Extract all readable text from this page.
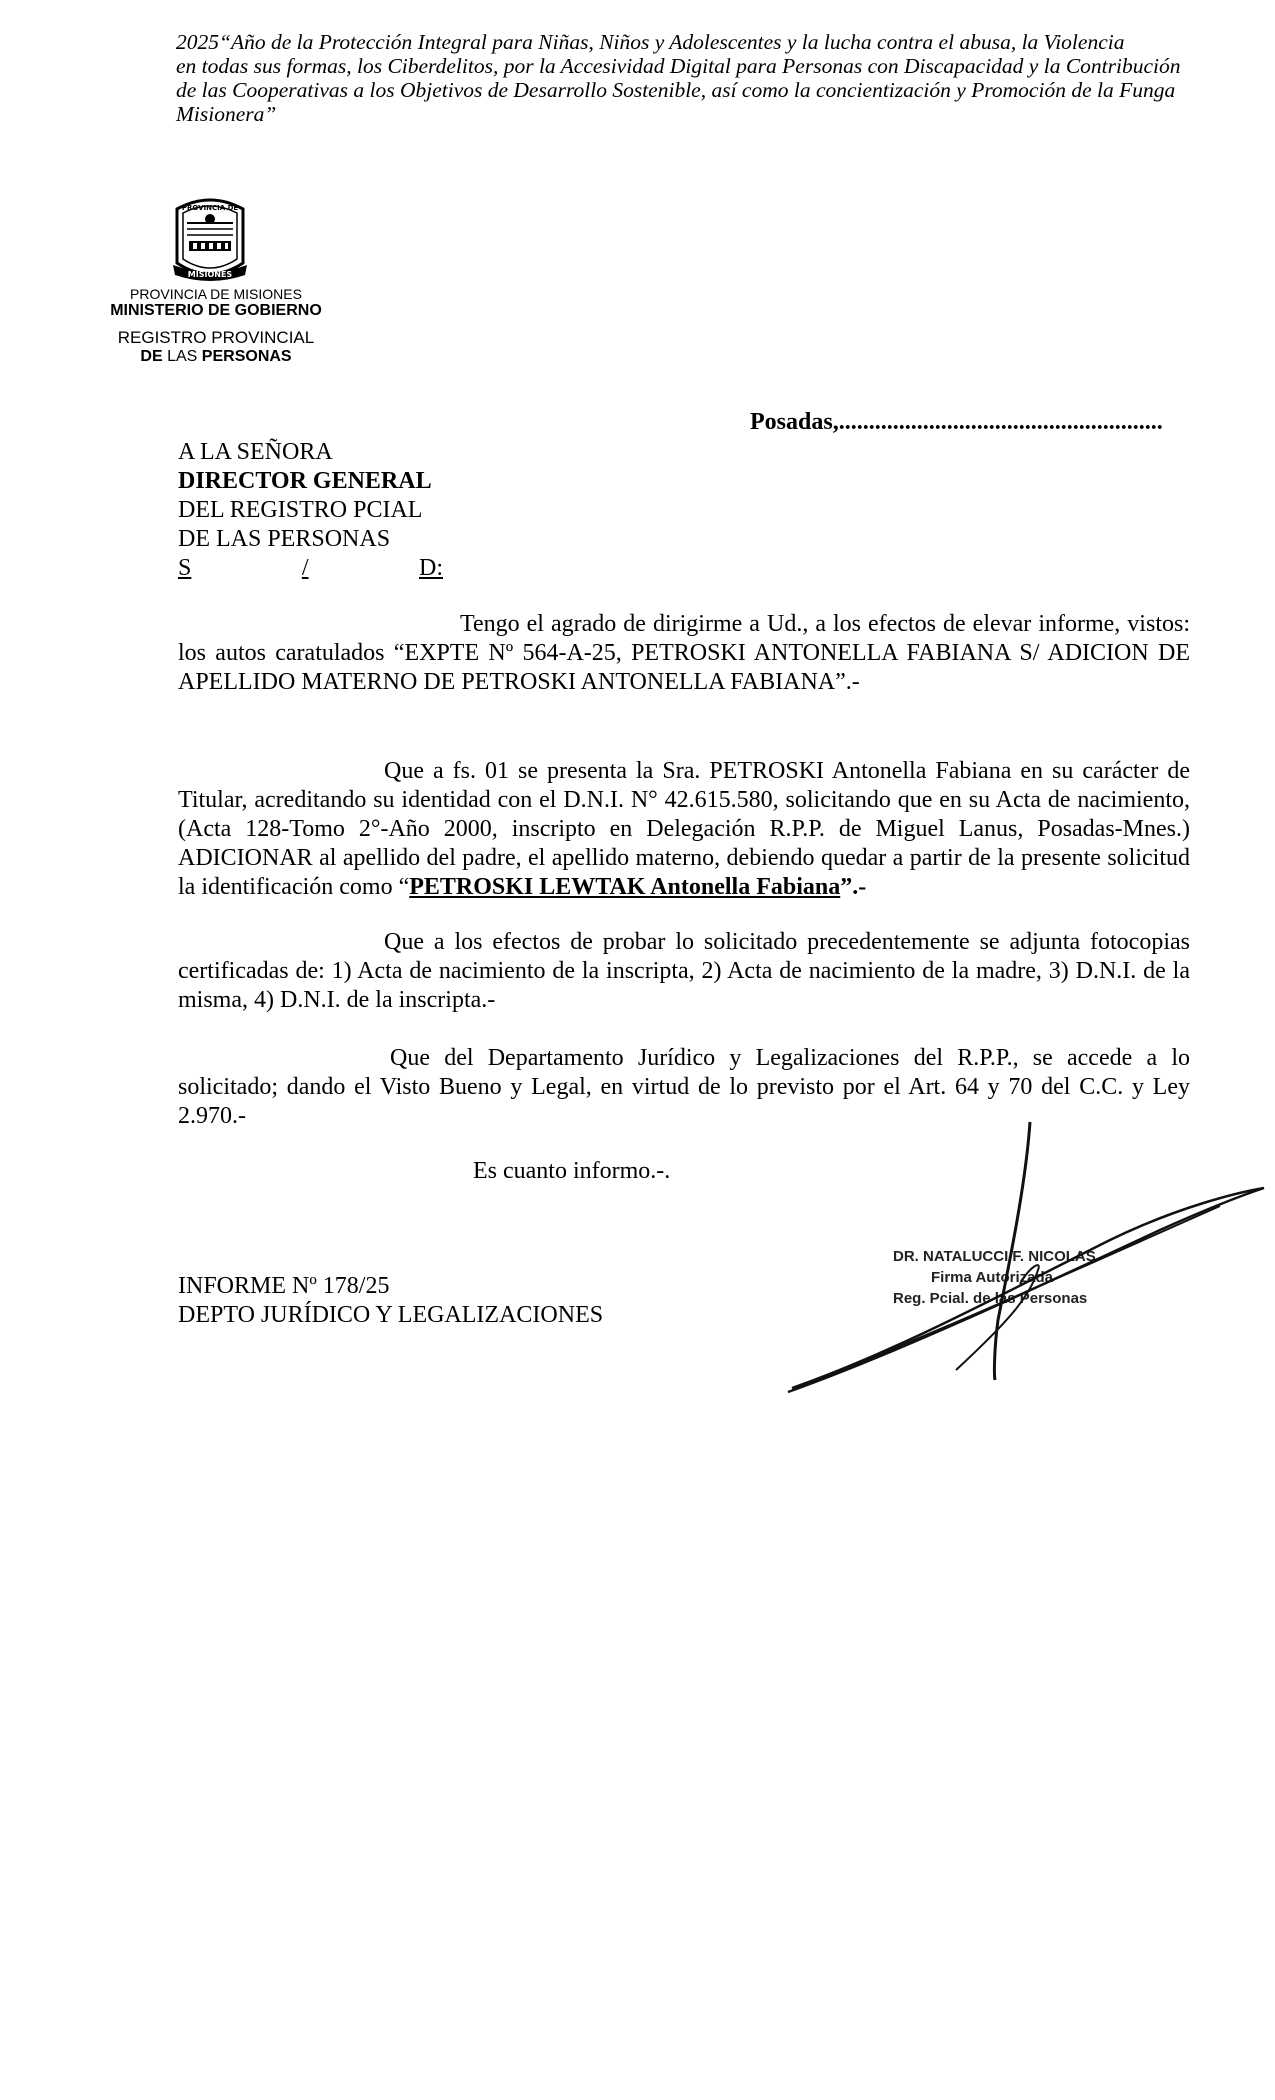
2025“Año de la Protección Integral para Niñas, Niños y Adolescentes y la lucha contra el abusa, la Violencia
en todas sus formas, los Ciberdelitos, por la Accesividad Digital para Personas con Discapacidad y la Contribución
de las Cooperativas a los Objetivos de Desarrollo Sostenible, así como la concientización y Promoción de la Funga
Misionera”
PROVINCIA DE
MISIONES
PROVINCIA DE MISIONES
MINISTERIO DE GOBIERNO
REGISTRO PROVINCIAL
DE LAS PERSONAS
Posadas,......................................................
A LA SEÑORA
DIRECTOR GENERAL
DEL REGISTRO PCIAL
DE LAS PERSONAS
S	/	D:
Tengo el agrado de dirigirme a Ud., a los efectos de elevar informe, vistos: los autos caratulados “EXPTE Nº 564-A-25, PETROSKI ANTONELLA FABIANA S/ ADICION DE APELLIDO MATERNO DE PETROSKI ANTONELLA FABIANA”.-
Que a fs. 01 se presenta la Sra. PETROSKI Antonella Fabiana en su carácter de Titular, acreditando su identidad con el D.N.I. N° 42.615.580, solicitando que en su Acta de nacimiento, (Acta 128-Tomo 2°-Año 2000, inscripto en Delegación R.P.P. de Miguel Lanus, Posadas-Mnes.) ADICIONAR al apellido del padre, el apellido materno, debiendo quedar a partir de la presente solicitud la identificación como “PETROSKI LEWTAK Antonella Fabiana”.-
Que a los efectos de probar lo solicitado precedentemente se adjunta fotocopias certificadas de: 1) Acta de nacimiento de la inscripta, 2) Acta de nacimiento de la madre, 3) D.N.I. de la misma, 4) D.N.I. de la inscripta.-
Que del Departamento Jurídico y Legalizaciones del R.P.P., se accede a lo solicitado; dando el Visto Bueno y Legal, en virtud de lo previsto por el Art. 64 y 70 del C.C. y Ley 2.970.-
Es cuanto informo.-.
INFORME Nº 178/25
DEPTO JURÍDICO Y LEGALIZACIONES
DR. NATALUCCI F. NICOLAS
Firma Autorizada
Reg. Pcial. de las Personas
